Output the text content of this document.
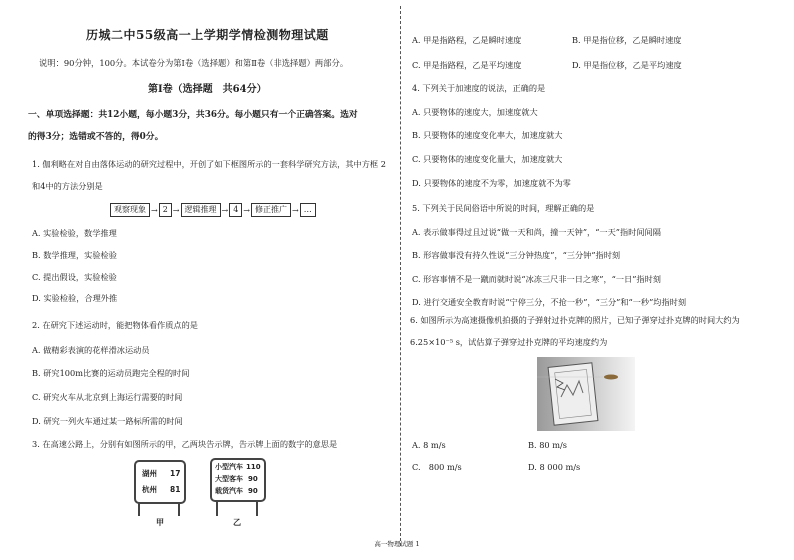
历城二中55级高一上学期学情检测物理试题
说明：90分钟，100分。本试卷分为第Ⅰ卷（选择题）和第Ⅱ卷（非选择题）两部分。
第Ⅰ卷（选择题　共64分）
一、单项选择题：共12小题，每小题3分，共36分。每小题只有一个正确答案。选对
的得3分；选错或不答的，得0分。
1. 伽利略在对自由落体运动的研究过程中，开创了如下框图所示的一套科学研究方法，其中方框 2
和4中的方法分别是
观察现象 → 2 → 逻辑推理 → 4 → 修正推广 → …
A. 实验检验，数学推理
B. 数学推理，实验检验
C. 提出假设，实验检验
D. 实验检验，合理外推
2. 在研究下述运动时，能把物体看作质点的是
A. 做精彩表演的花样滑冰运动员
B. 研究100m比赛的运动员跑完全程的时间
C. 研究火车从北京到上海运行需要的时间
D. 研究一列火车通过某一路标所需的时间
3. 在高速公路上，分别有如图所示的甲，乙两块告示牌，告示牌上面的数字的意思是
湖州 17
杭州 81
甲
小型汽车 110
大型客车 90
载货汽车 90
乙
A. 甲是指路程，乙是瞬时速度	B. 甲是指位移，乙是瞬时速度
C. 甲是指路程，乙是平均速度	D. 甲是指位移，乙是平均速度
4. 下列关于加速度的说法，正确的是
A. 只要物体的速度大，加速度就大
B. 只要物体的速度变化率大，加速度就大
C. 只要物体的速度变化量大，加速度就大
D. 只要物体的速度不为零，加速度就不为零
5. 下列关于民间俗语中所说的时间，理解正确的是
A. 表示做事得过且过说“做一天和尚，撞一天钟”，“一天”指时间间隔
B. 形容做事没有持久性说“三分钟热度”，“三分钟”指时刻
C. 形容事情不是一蹴而就时说“冰冻三尺非一日之寒”，“一日”指时刻
D. 进行交通安全教育时说“宁停三分，不抢一秒”，“三分”和“一秒”均指时刻
6. 如图所示为高速摄像机拍摄的子弹射过扑克牌的照片，已知子弹穿过扑克牌的时间大约为
6.25×10⁻⁵ s，试估算子弹穿过扑克牌的平均速度约为
A. 8 m/s	B. 80 m/s
C.　800 m/s	D. 8 000 m/s
高一物理试题 1
